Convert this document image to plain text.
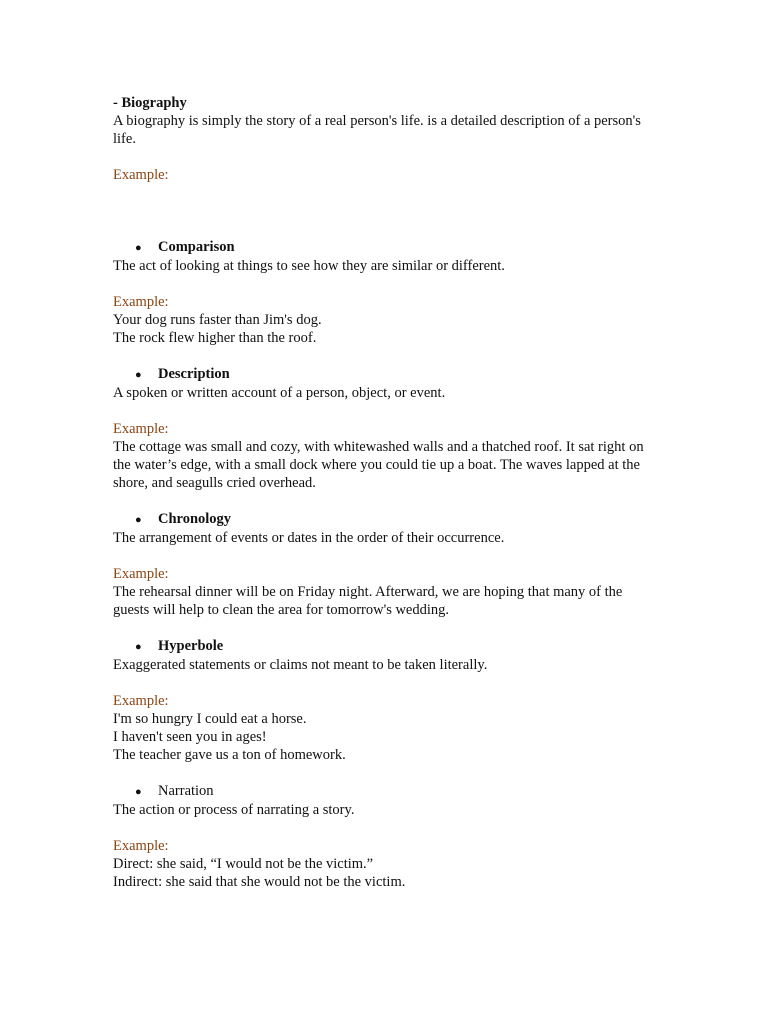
- Biography
A biography is simply the story of a real person's life. is a detailed description of a person's life.
Example:
●	Comparison
The act of looking at things to see how they are similar or different.
Example:
Your dog runs faster than Jim's dog.
The rock flew higher than the roof.
●	Description
A spoken or written account of a person, object, or event.
Example:
The cottage was small and cozy, with whitewashed walls and a thatched roof. It sat right on the water’s edge, with a small dock where you could tie up a boat. The waves lapped at the shore, and seagulls cried overhead.
●	Chronology
The arrangement of events or dates in the order of their occurrence.
Example:
The rehearsal dinner will be on Friday night. Afterward, we are hoping that many of the guests will help to clean the area for tomorrow's wedding.
●	Hyperbole
Exaggerated statements or claims not meant to be taken literally.
Example:
I'm so hungry I could eat a horse.
I haven't seen you in ages!
The teacher gave us a ton of homework.
●	Narration
The action or process of narrating a story.
Example:
Direct: she said, “I would not be the victim.”
Indirect: she said that she would not be the victim.
